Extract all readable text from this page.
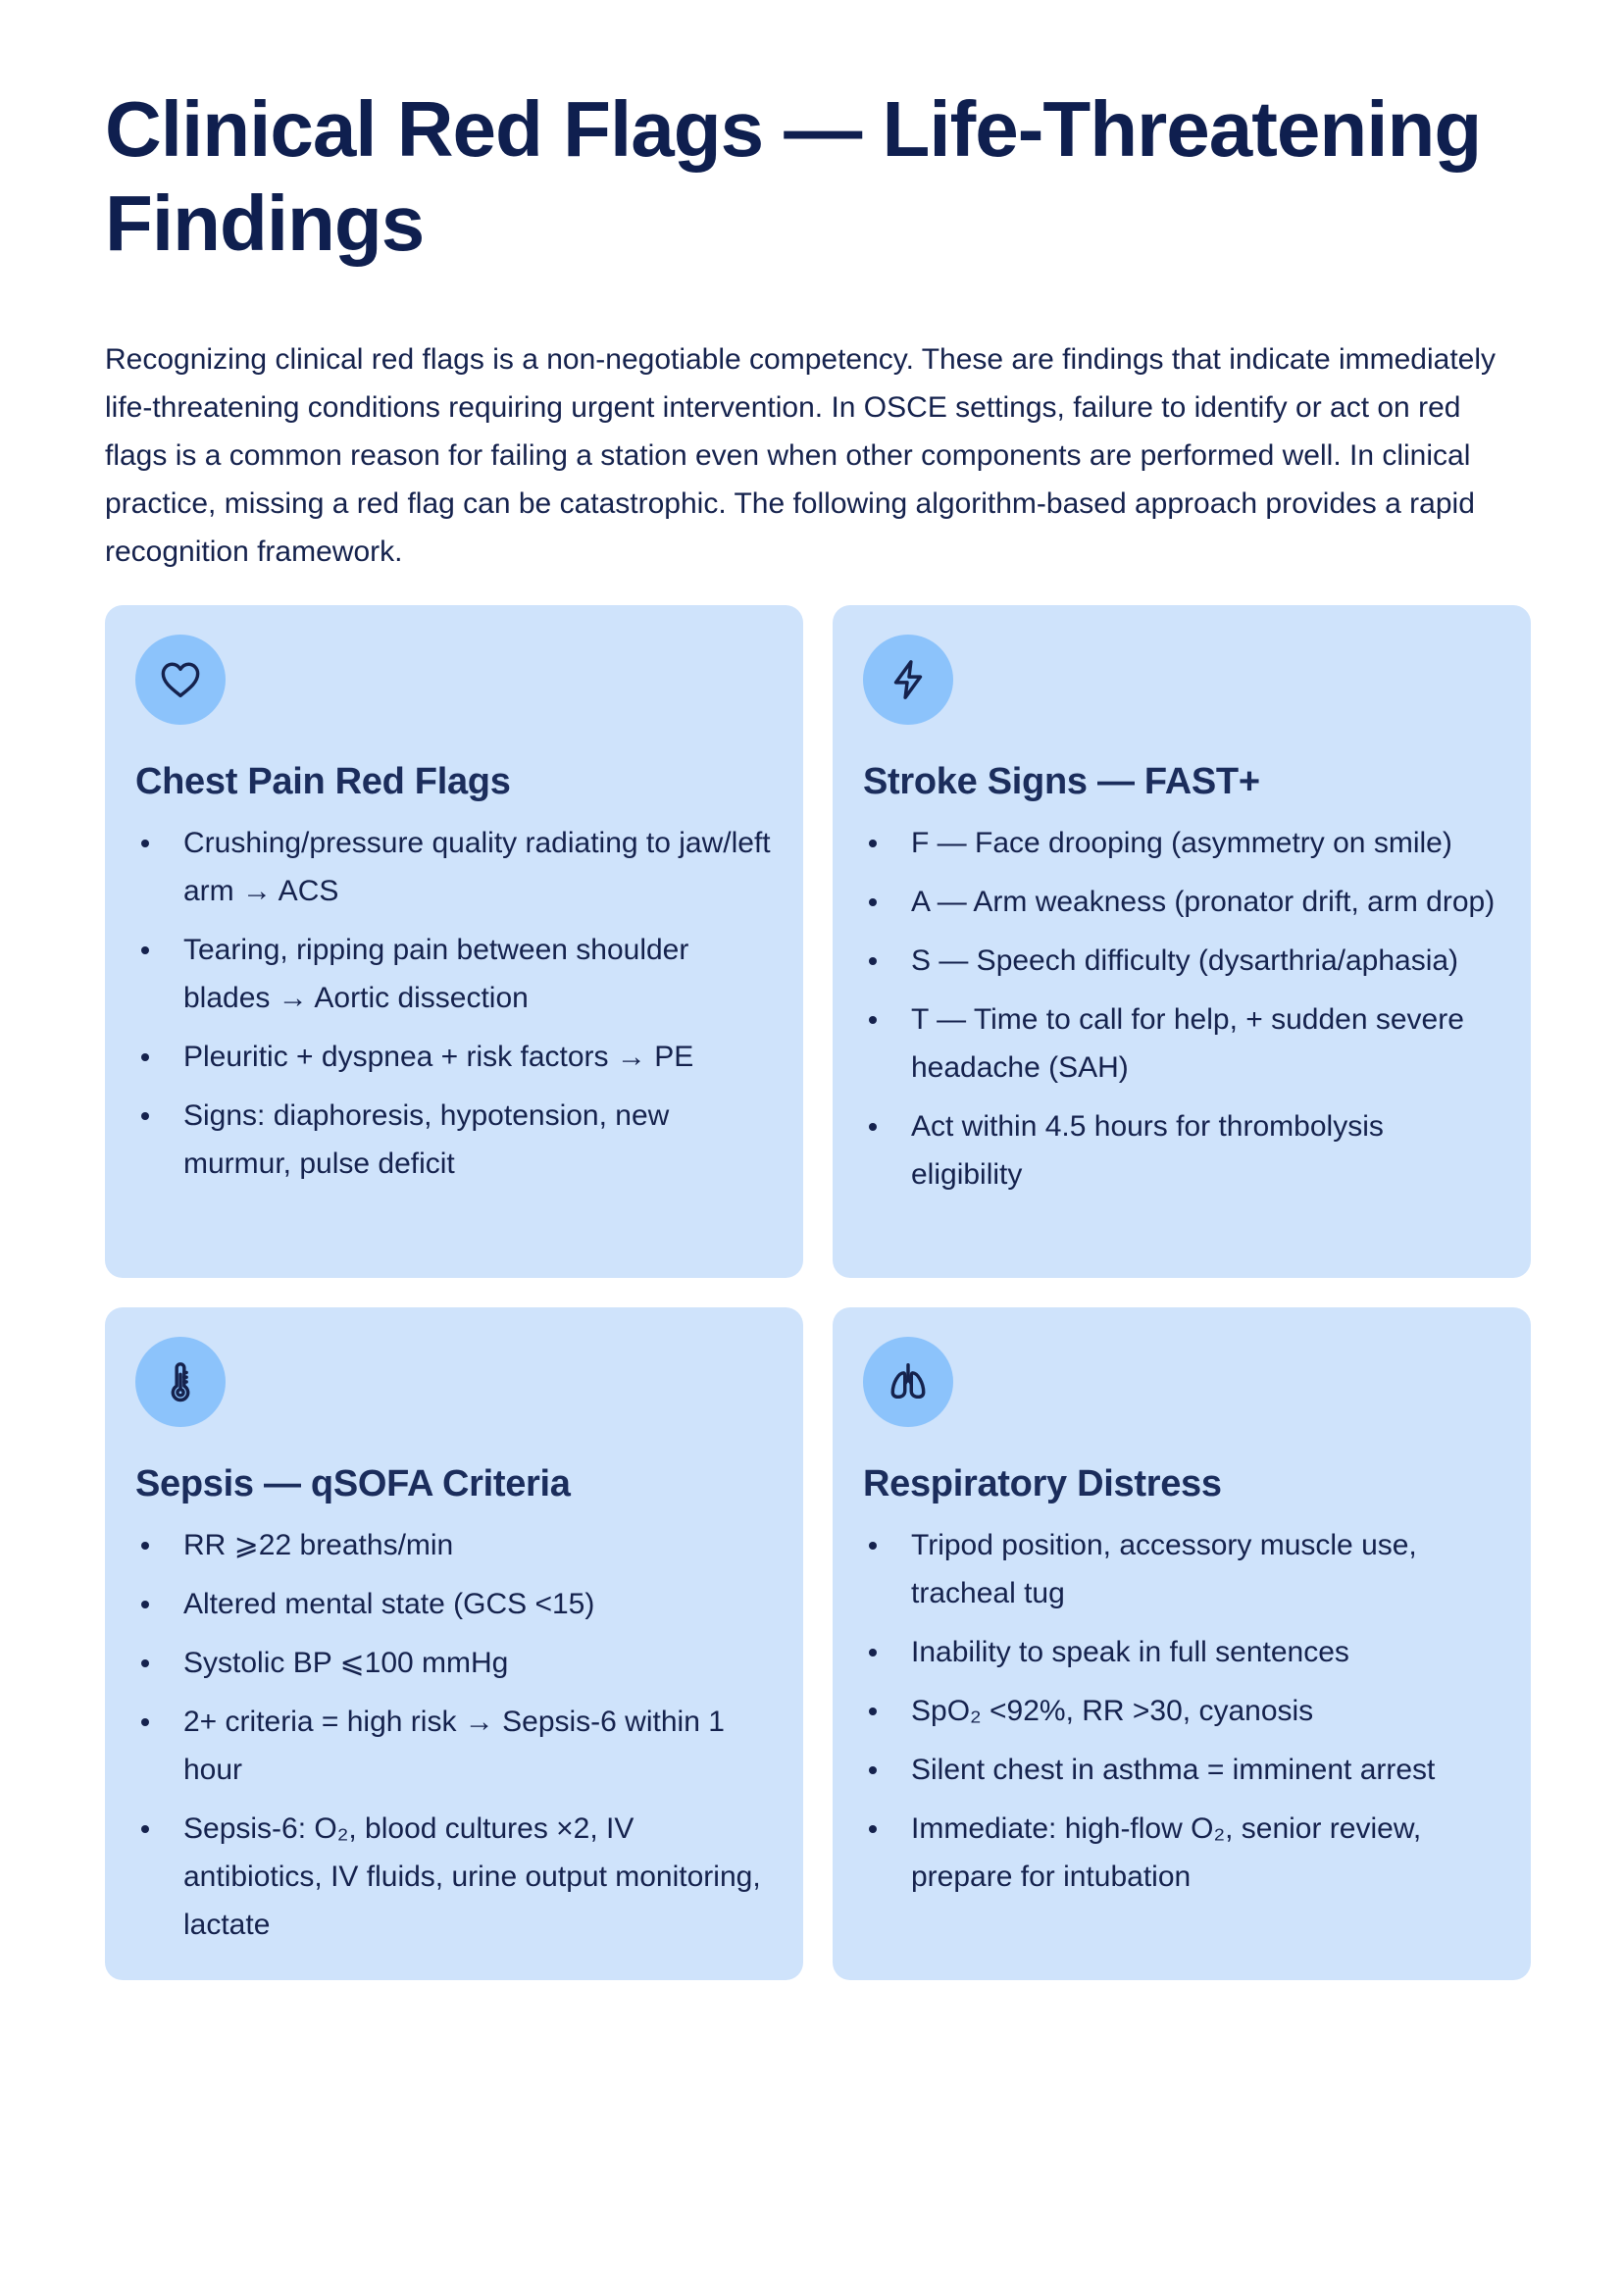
Clinical Red Flags — Life-Threatening Findings

Recognizing clinical red flags is a non-negotiable competency. These are findings that indicate immediately life-threatening conditions requiring urgent intervention. In OSCE settings, failure to identify or act on red flags is a common reason for failing a station even when other components are performed well. In clinical practice, missing a red flag can be catastrophic. The following algorithm-based approach provides a rapid recognition framework.

Chest Pain Red Flags
Crushing/pressure quality radiating to jaw/left arm → ACS
Tearing, ripping pain between shoulder blades → Aortic dissection
Pleuritic + dyspnea + risk factors → PE
Signs: diaphoresis, hypotension, new murmur, pulse deficit
Stroke Signs — FAST+
F — Face drooping (asymmetry on smile)
A — Arm weakness (pronator drift, arm drop)
S — Speech difficulty (dysarthria/aphasia)
T — Time to call for help, + sudden severe headache (SAH)
Act within 4.5 hours for thrombolysis eligibility
Sepsis — qSOFA Criteria
RR ⩾22 breaths/min
Altered mental state (GCS <15)
Systolic BP ⩽100 mmHg
2+ criteria = high risk → Sepsis-6 within 1 hour
Sepsis-6: O₂, blood cultures ×2, IV antibiotics, IV fluids, urine output monitoring, lactate
Respiratory Distress
Tripod position, accessory muscle use, tracheal tug
Inability to speak in full sentences
SpO₂ <92%, RR >30, cyanosis
Silent chest in asthma = imminent arrest
Immediate: high-flow O₂, senior review, prepare for intubation
